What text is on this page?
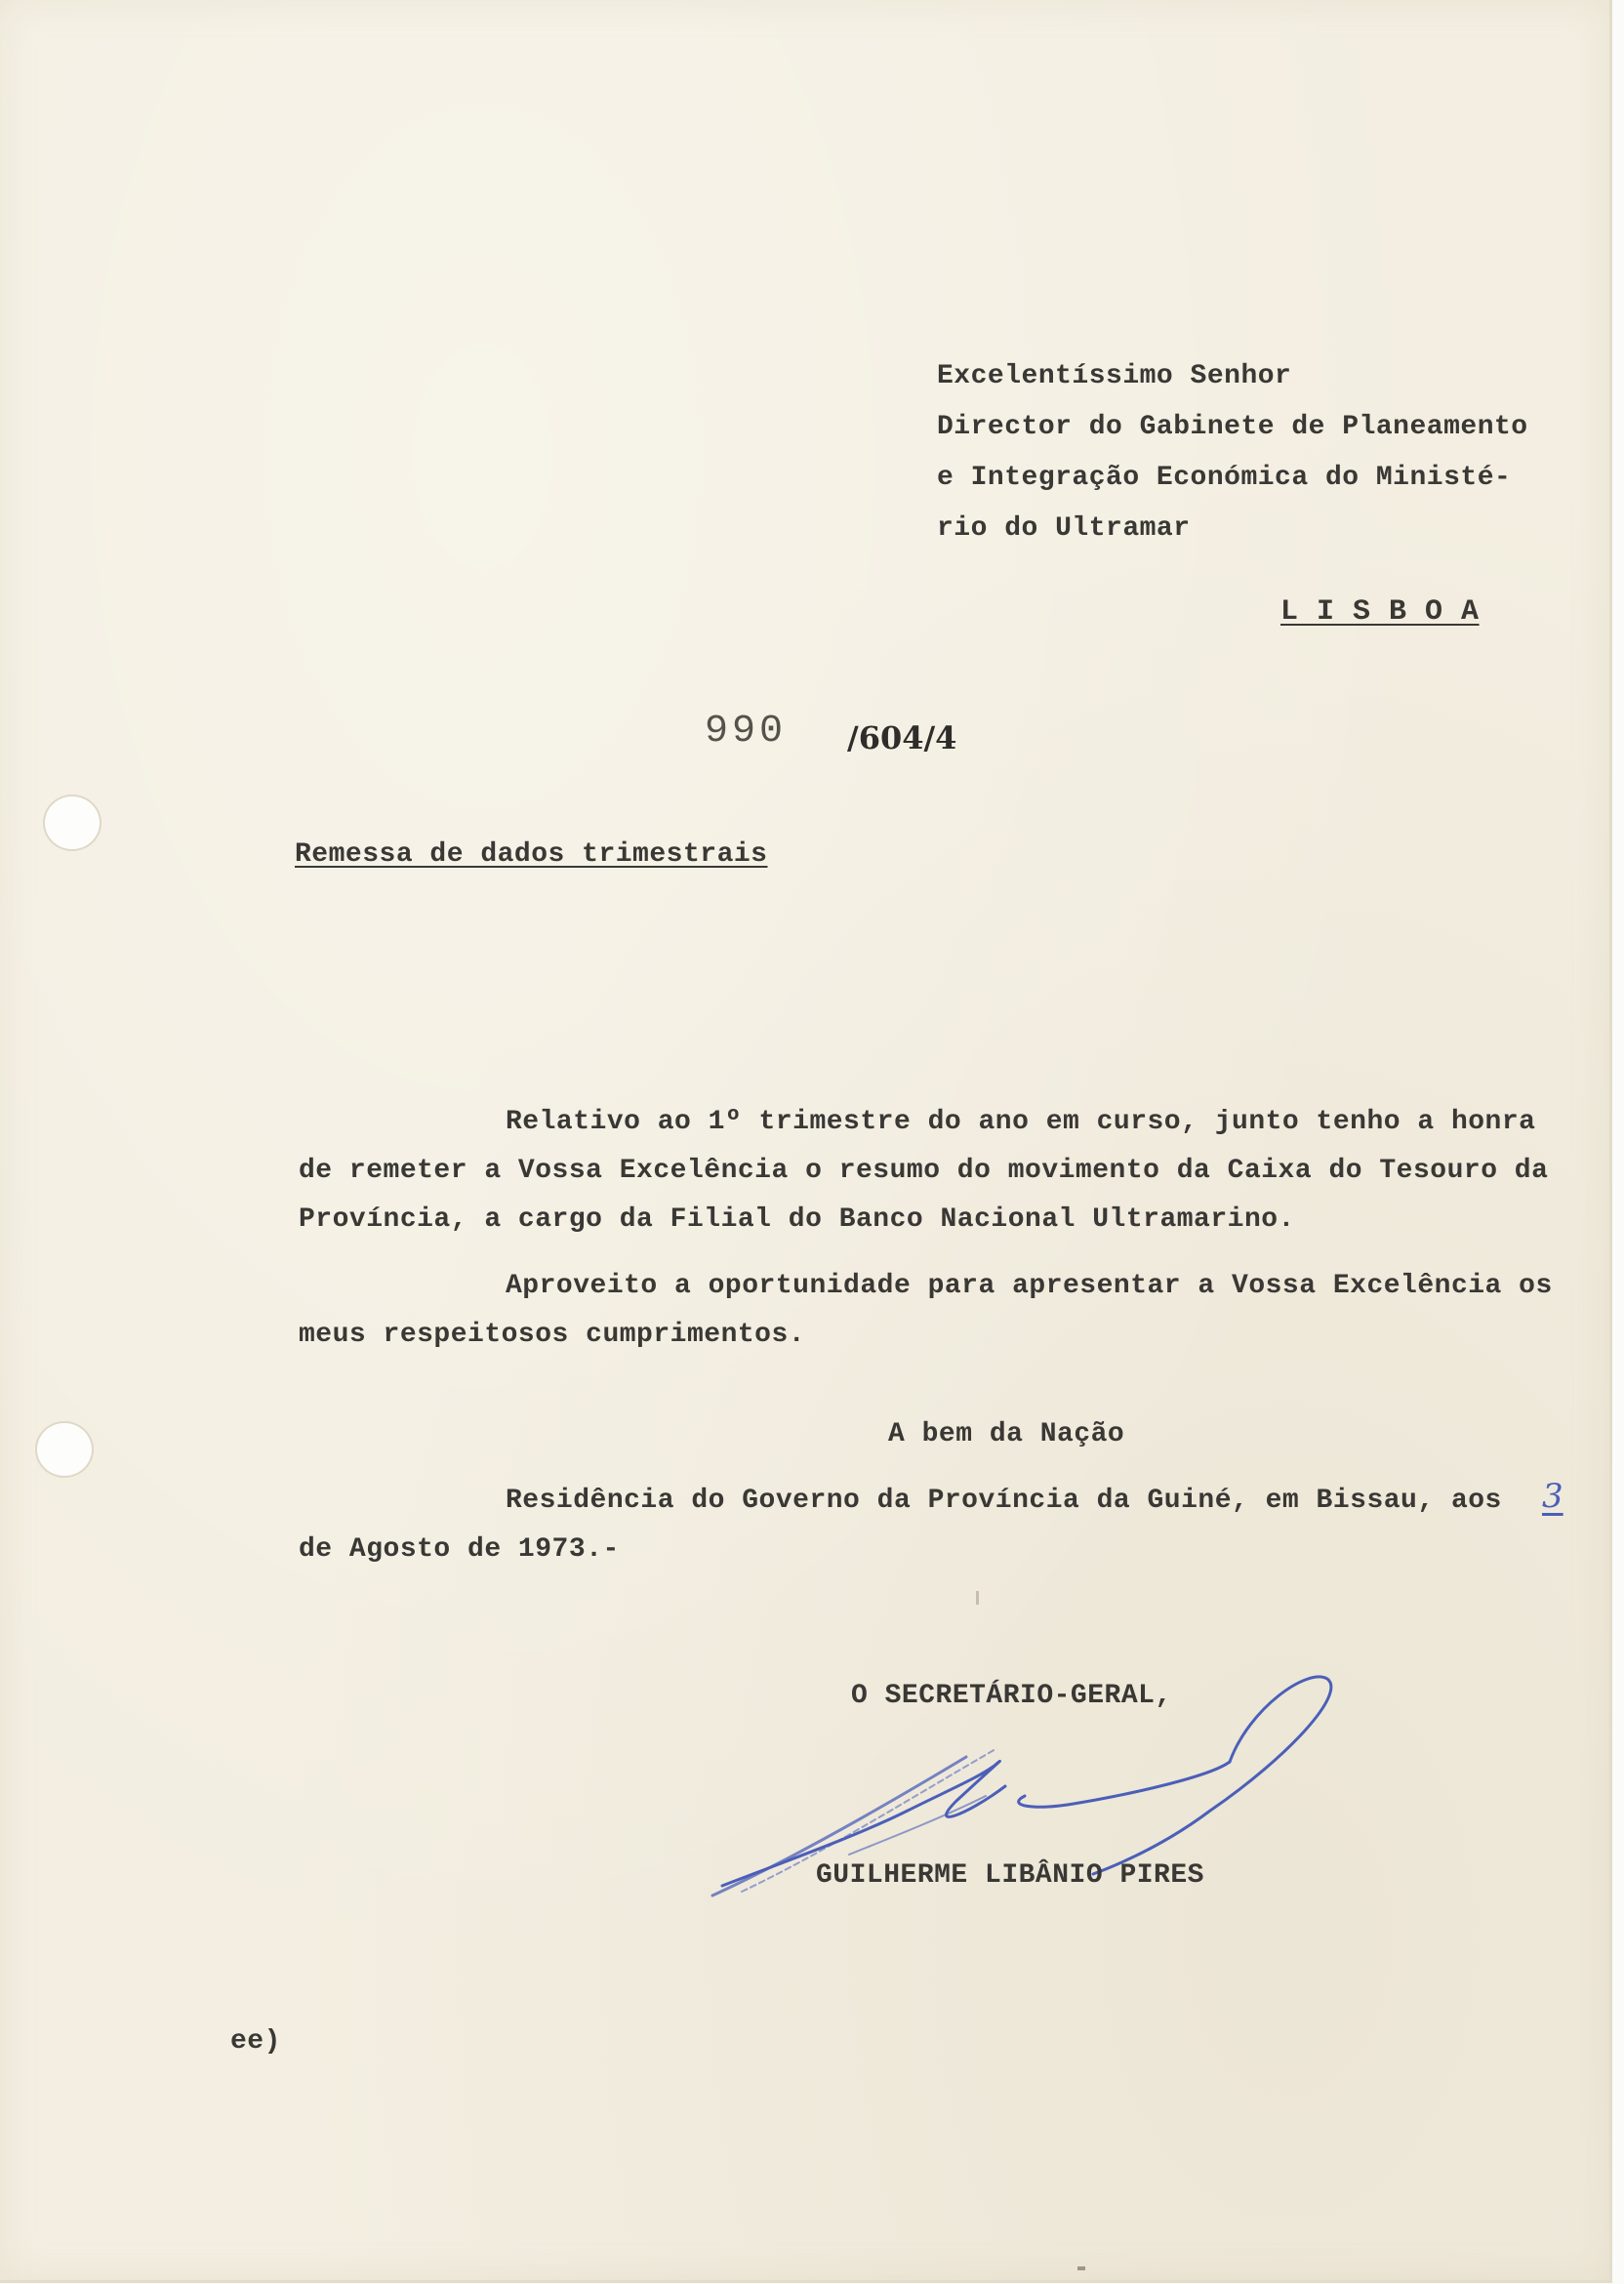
Excelentíssimo Senhor
Director do Gabinete de Planeamento
e Integração Económica do Ministé-
rio do Ultramar
L I S B O A
990 /604/4
Remessa de dados trimestrais
Relativo ao 1º trimestre do ano em curso, junto tenho a honra
de remeter a Vossa Excelência o resumo do movimento da Caixa do Tesouro da
Província, a cargo da Filial do Banco Nacional Ultramarino.
Aproveito a oportunidade para apresentar a Vossa Excelência os
meus respeitosos cumprimentos.
A bem da Nação
Residência do Governo da Província da Guiné, em Bissau, aos 3
de Agosto de 1973.-
O SECRETÁRIO-GERAL,
GUILHERME LIBÂNIO PIRES
ee)
